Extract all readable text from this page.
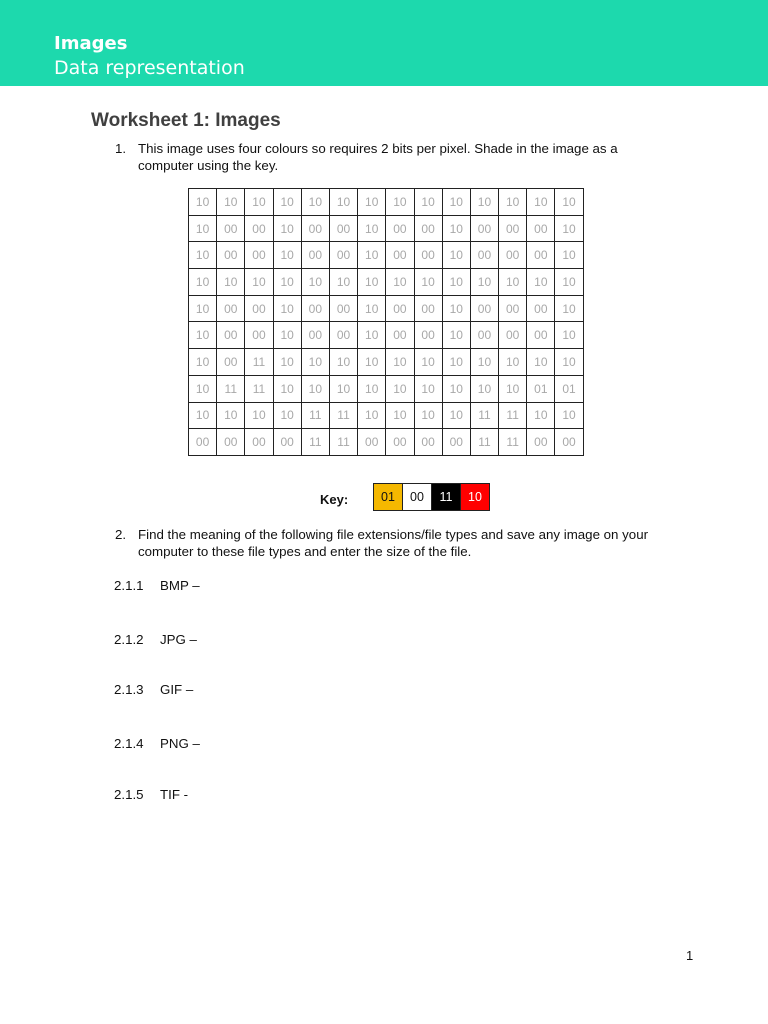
Images
Data representation
Worksheet 1: Images
1. This image uses four colours so requires 2 bits per pixel. Shade in the image as a computer using the key.
10	10	10	10	10	10	10	10	10	10	10	10	10	10
10	00	00	10	00	00	10	00	00	10	00	00	00	10
10	00	00	10	00	00	10	00	00	10	00	00	00	10
10	10	10	10	10	10	10	10	10	10	10	10	10	10
10	00	00	10	00	00	10	00	00	10	00	00	00	10
10	00	00	10	00	00	10	00	00	10	00	00	00	10
10	00	11	10	10	10	10	10	10	10	10	10	10	10
10	11	11	10	10	10	10	10	10	10	10	10	01	01
10	10	10	10	11	11	10	10	10	10	11	11	10	10
00	00	00	00	11	11	00	00	00	00	11	11	00	00
Key:	01	00	11	10
2. Find the meaning of the following file extensions/file types and save any image on your computer to these file types and enter the size of the file.
2.1.1 BMP –
2.1.2 JPG –
2.1.3 GIF –
2.1.4 PNG –
2.1.5 TIF -
1
